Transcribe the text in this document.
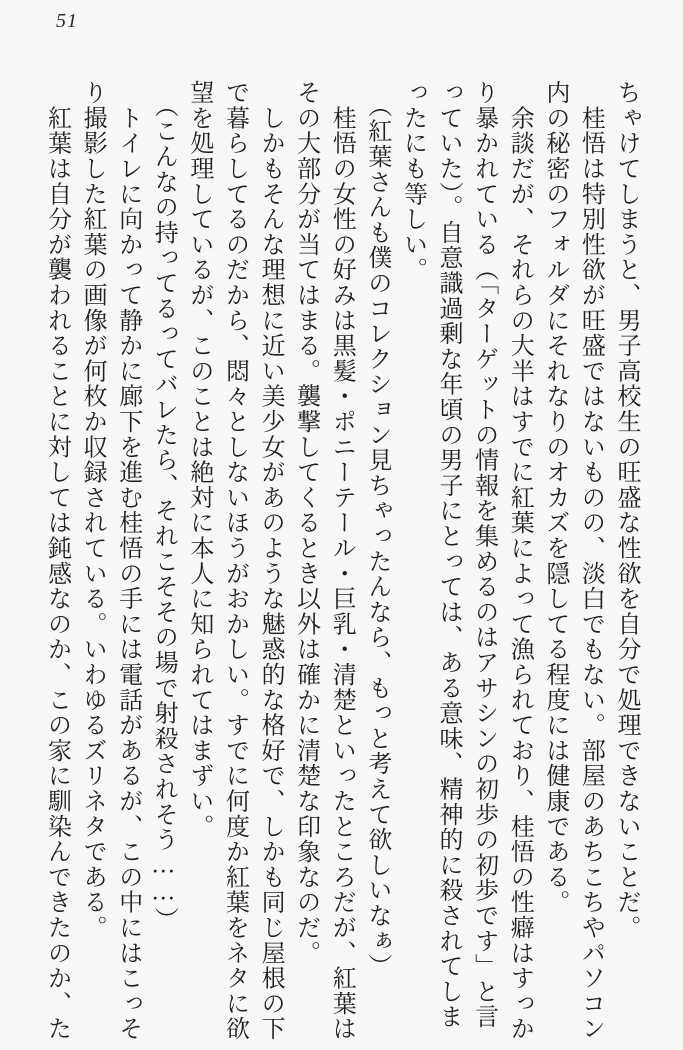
51
ちゃけてしまうと、男子高校生の旺盛な性欲を自分で処理できないことだ。
　桂悟は特別性欲が旺盛ではないものの、淡白でもない。部屋のあちこちやパソコン
内の秘密のフォルダにそれなりのオカズを隠してる程度には健康である。
　余談だが、それらの大半はすでに紅葉によって漁られており、桂悟の性癖はすっか
り暴かれている（「ターゲットの情報を集めるのはアサシンの初歩の初歩です」と言
っていた）。自意識過剰な年頃の男子にとっては、ある意味、精神的に殺されてしま
ったにも等しい。
　（紅葉さんも僕のコレクション見ちゃったんなら、もっと考えて欲しいなぁ）
　桂悟の女性の好みは黒髪・ポニーテール・巨乳・清楚といったところだが、紅葉は
その大部分が当てはまる。襲撃してくるとき以外は確かに清楚な印象なのだ。
　しかもそんな理想に近い美少女があのような魅惑的な格好で、しかも同じ屋根の下
で暮らしてるのだから、悶々としないほうがおかしい。すでに何度か紅葉をネタに欲
望を処理しているが、このことは絶対に本人に知られてはまずい。
　（こんなの持ってるってバレたら、それこそその場で射殺されそう……）
　トイレに向かって静かに廊下を進む桂悟の手には電話があるが、この中にはこっそ
り撮影した紅葉の画像が何枚か収録されている。いわゆるズリネタである。
　紅葉は自分が襲われることに対しては鈍感なのか、この家に馴染んできたのか、た
